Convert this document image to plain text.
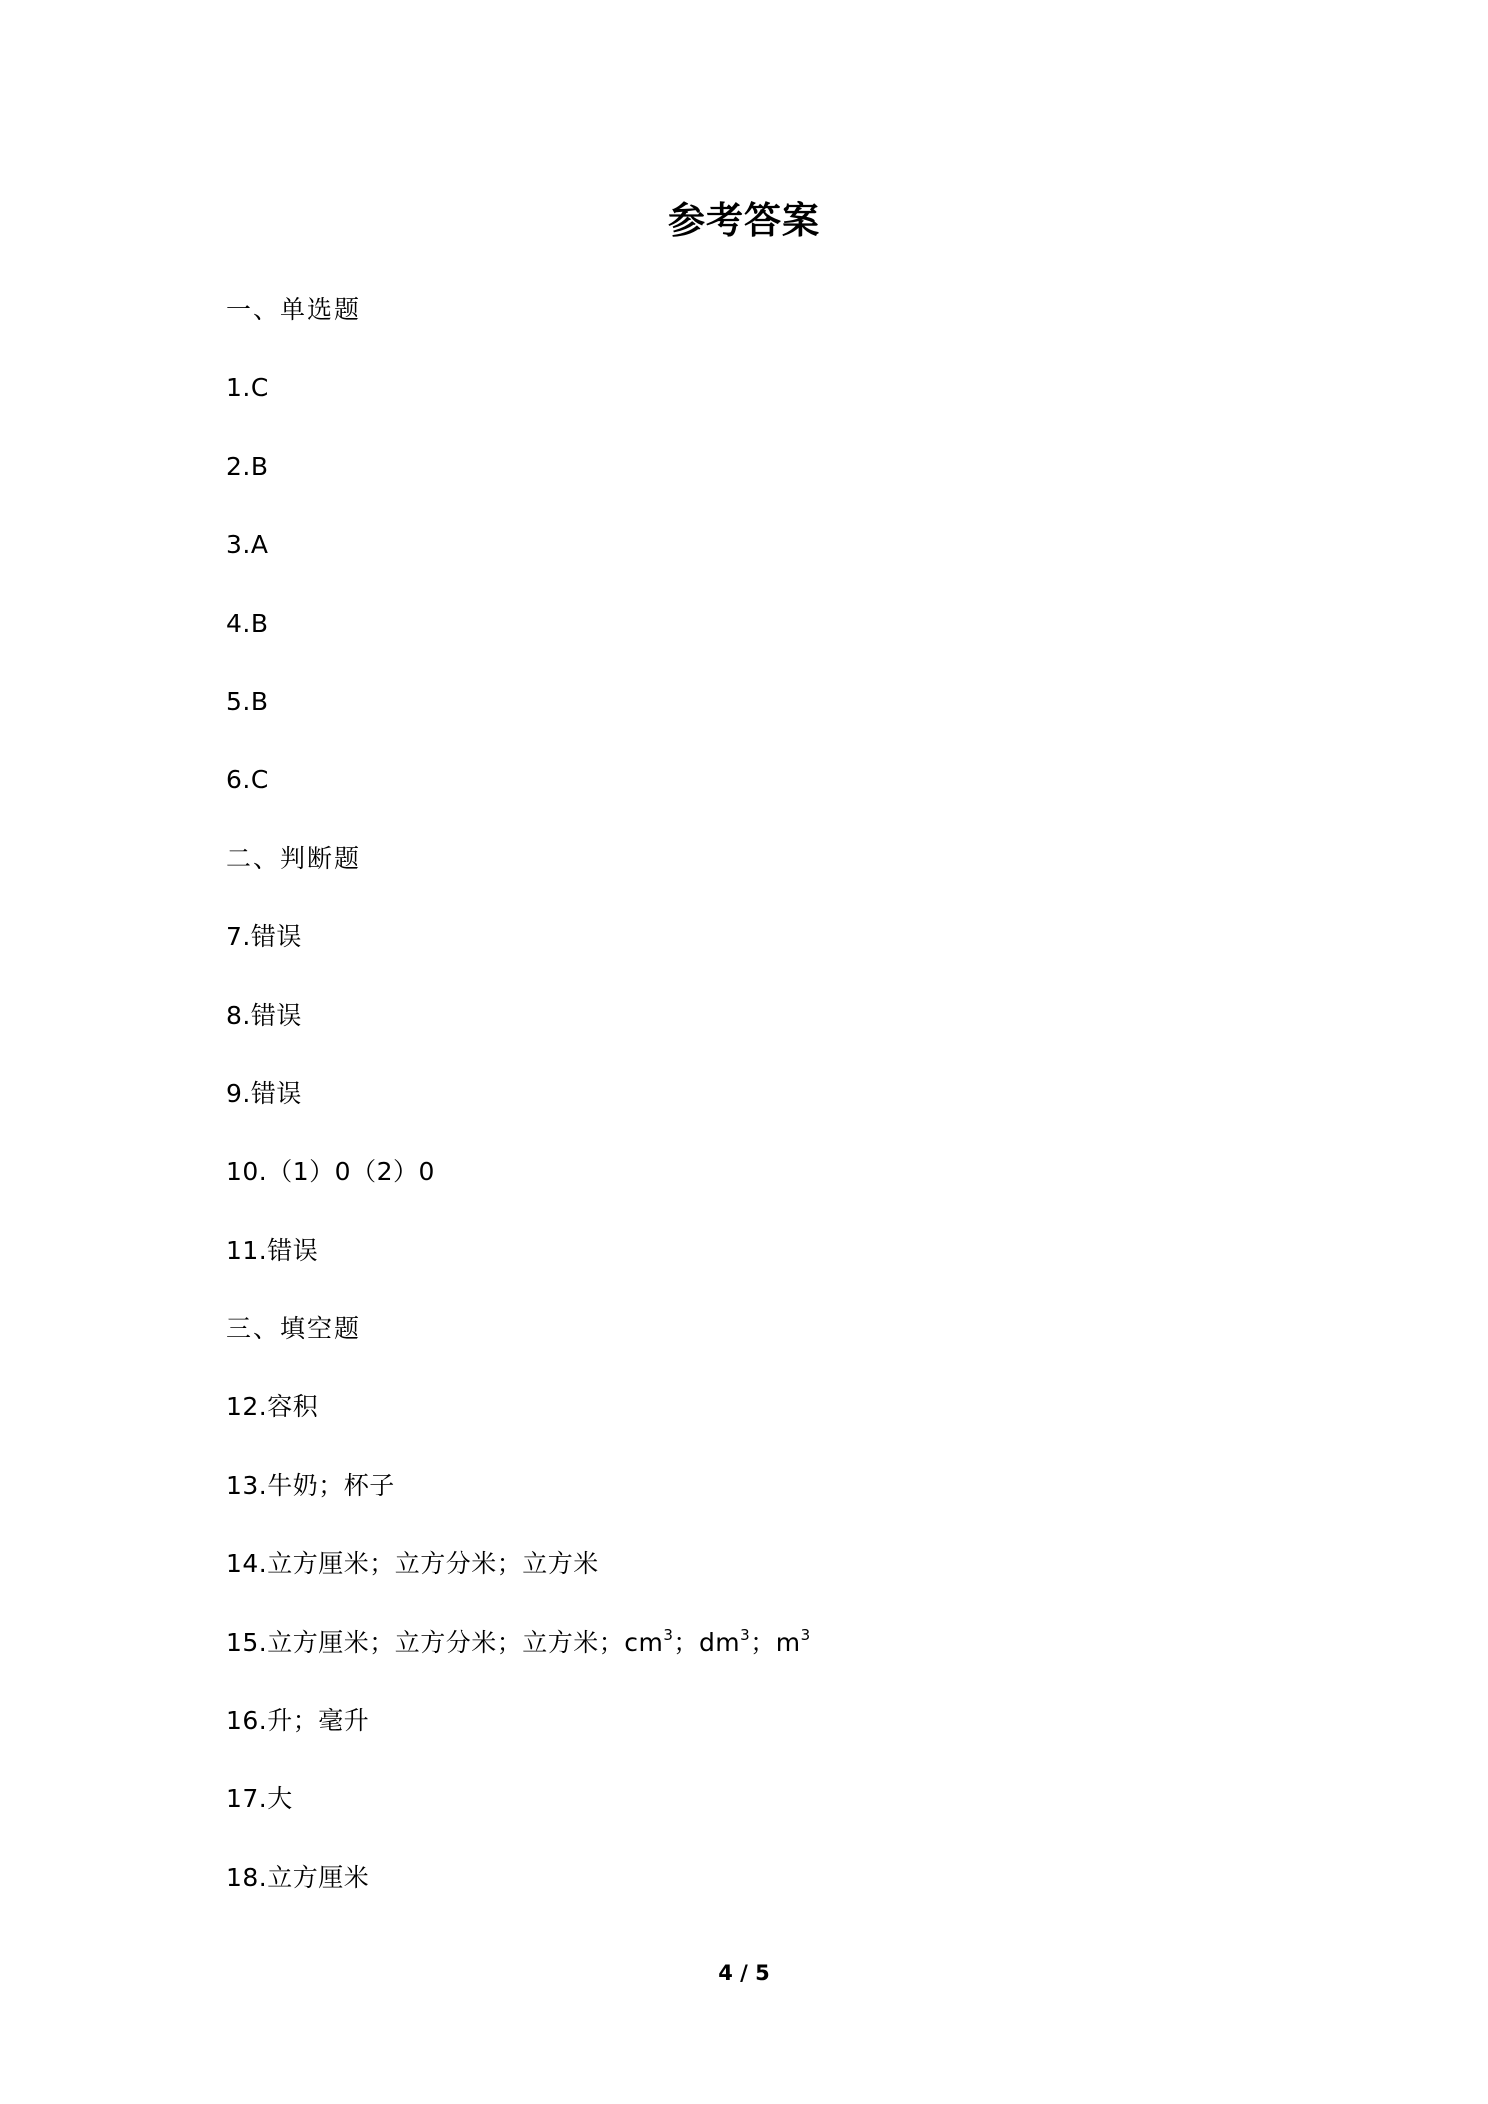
参考答案
一、单选题
1.C
2.B
3.A
4.B
5.B
6.C
二、判断题
7.错误
8.错误
9.错误
10.（1）0（2）0
11.错误
三、填空题
12.容积
13.牛奶；杯子
14.立方厘米；立方分米；立方米
15.立方厘米；立方分米；立方米；$cm^3$；$dm^3$；$m^3$
16.升；毫升
17.大
18.立方厘米
4 / 5
